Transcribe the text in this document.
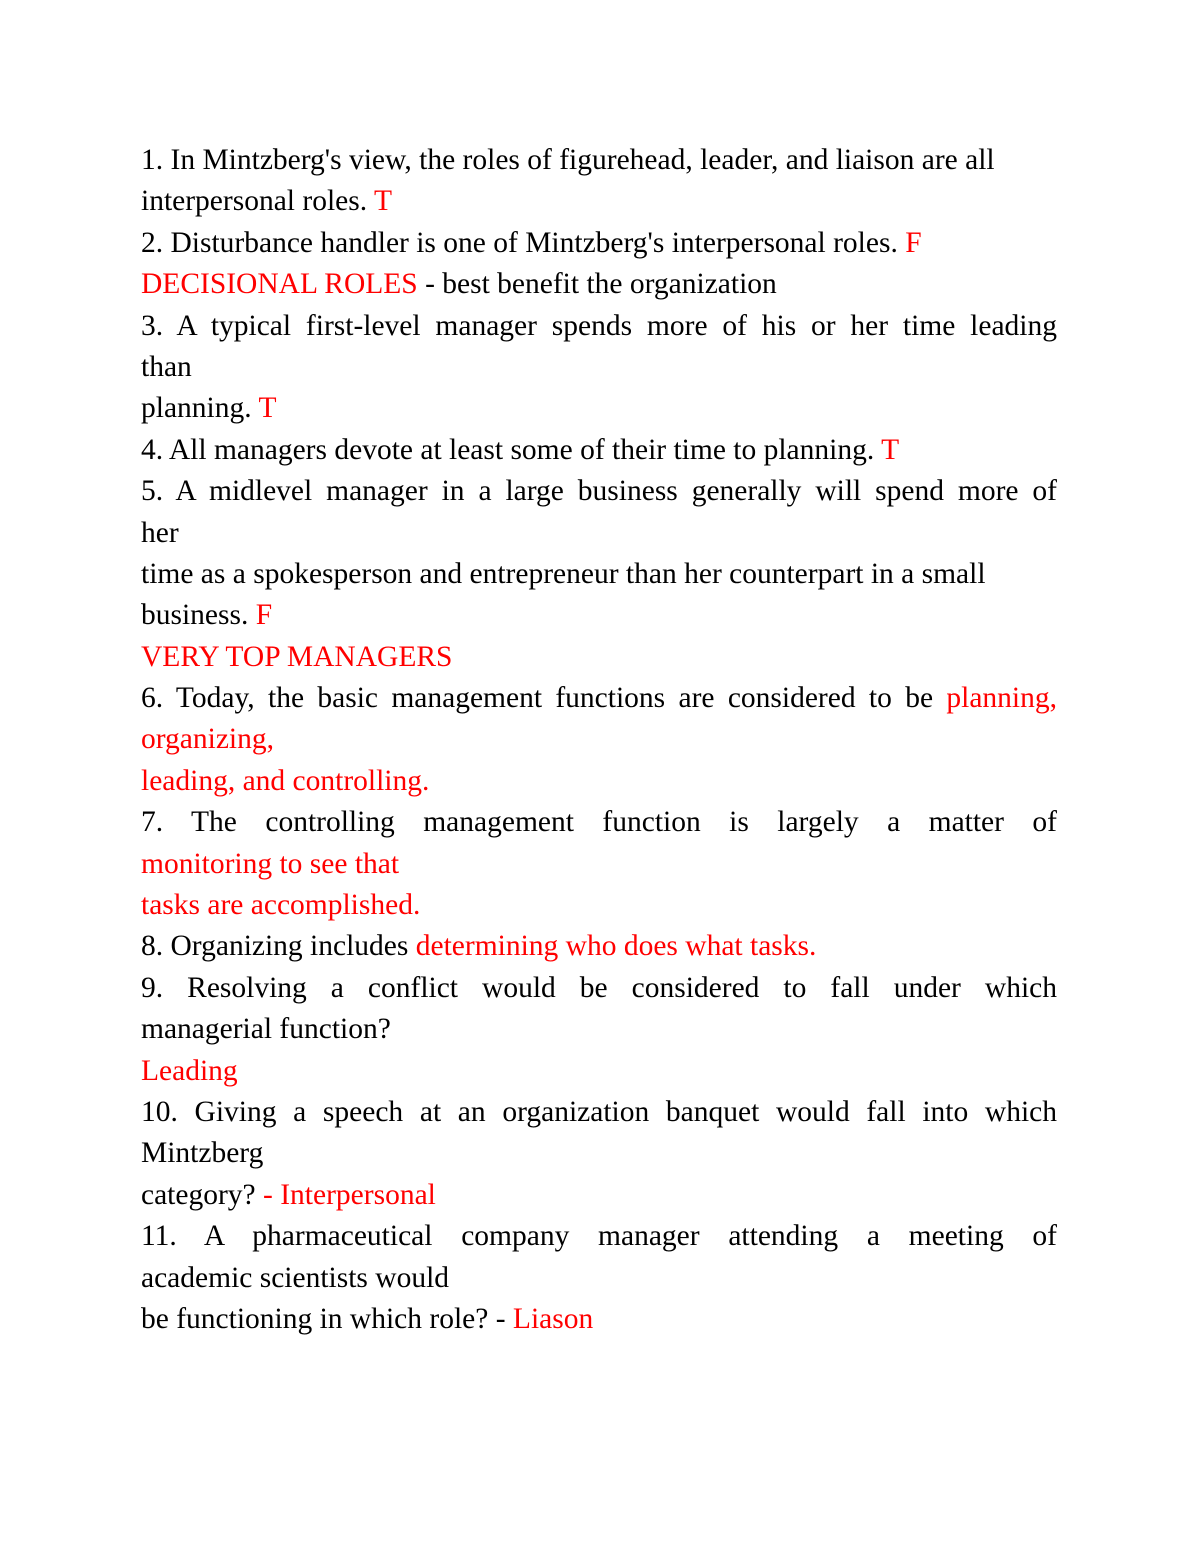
1. In Mintzberg's view, the roles of figurehead, leader, and liaison are all
interpersonal roles. T
2. Disturbance handler is one of Mintzberg's interpersonal roles. F
DECISIONAL ROLES - best benefit the organization
3. A typical first-level manager spends more of his or her time leading
than
planning. T
4. All managers devote at least some of their time to planning. T
5. A midlevel manager in a large business generally will spend more of
her
time as a spokesperson and entrepreneur than her counterpart in a small
business. F
VERY TOP MANAGERS
6. Today, the basic management functions are considered to be planning,
organizing,
leading, and controlling.
7. The controlling management function is largely a matter of
monitoring to see that
tasks are accomplished.
8. Organizing includes determining who does what tasks.
9. Resolving a conflict would be considered to fall under which
managerial function?
Leading
10. Giving a speech at an organization banquet would fall into which
Mintzberg
category? - Interpersonal
11. A pharmaceutical company manager attending a meeting of
academic scientists would
be functioning in which role? - Liason
